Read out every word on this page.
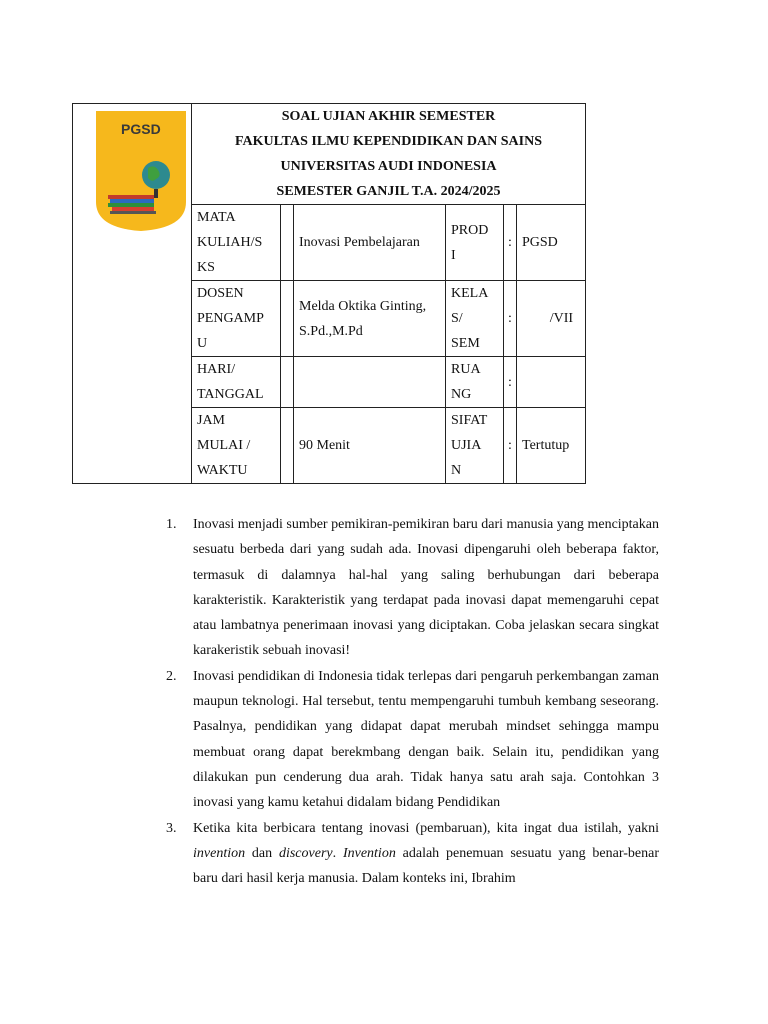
PGSD	SOAL UJIAN AKHIR SEMESTER
FAKULTAS ILMU KEPENDIDIKAN DAN SAINS
UNIVERSITAS AUDI INDONESIA
SEMESTER GANJIL T.A. 2024/2025					

	MATA
KULIAH/S
KS		Inovasi Pembelajaran	PROD
I	:	PGSD
	DOSEN
PENGAMP
U		Melda Oktika Ginting, S.Pd.,M.Pd	KELA
S/
SEM	:	/VII
	HARI/
TANGGAL			RUA
NG	:	
	JAM
MULAI /
WAKTU		90 Menit	SIFAT
UJIA
N	:	Tertutup
1. Inovasi menjadi sumber pemikiran-pemikiran baru dari manusia yang menciptakan sesuatu berbeda dari yang sudah ada. Inovasi dipengaruhi oleh beberapa faktor, termasuk di dalamnya hal-hal yang saling berhubungan dari beberapa karakteristik. Karakteristik yang terdapat pada inovasi dapat memengaruhi cepat atau lambatnya penerimaan inovasi yang diciptakan. Coba jelaskan secara singkat karakeristik sebuah inovasi!
2. Inovasi pendidikan di Indonesia tidak terlepas dari pengaruh perkembangan zaman maupun teknologi. Hal tersebut, tentu mempengaruhi tumbuh kembang seseorang. Pasalnya, pendidikan yang didapat dapat merubah mindset sehingga mampu membuat orang dapat berekmbang dengan baik. Selain itu, pendidikan yang dilakukan pun cenderung dua arah. Tidak hanya satu arah saja. Contohkan 3 inovasi yang kamu ketahui didalam bidang Pendidikan
3. Ketika kita berbicara tentang inovasi (pembaruan), kita ingat dua istilah, yakni invention dan discovery. Invention adalah penemuan sesuatu yang benar-benar baru dari hasil kerja manusia. Dalam konteks ini, Ibrahim
